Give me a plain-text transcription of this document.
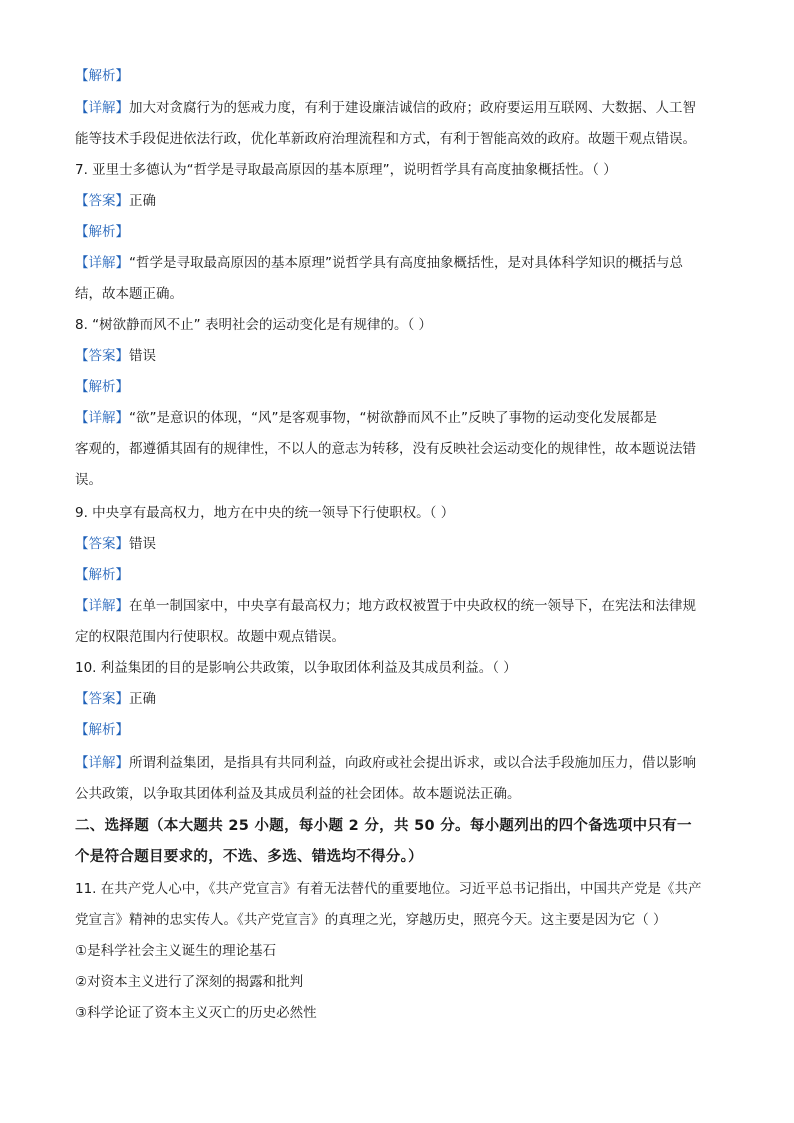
【解析】
【详解】加大对贪腐行为的惩戒力度，有利于建设廉洁诚信的政府；政府要运用互联网、大数据、人工智
能等技术手段促进依法行政，优化革新政府治理流程和方式，有利于智能高效的政府。故题干观点错误。
7. 亚里士多德认为“哲学是寻取最高原因的基本原理”，说明哲学具有高度抽象概括性。（ ）
【答案】正确
【解析】
【详解】“哲学是寻取最高原因的基本原理”说哲学具有高度抽象概括性，是对具体科学知识的概括与总
结，故本题正确。
8. “树欲静而风不止” 表明社会的运动变化是有规律的。（ ）
【答案】错误
【解析】
【详解】“欲”是意识的体现，“风”是客观事物，“树欲静而风不止”反映了事物的运动变化发展都是
客观的，都遵循其固有的规律性，不以人的意志为转移，没有反映社会运动变化的规律性，故本题说法错
误。
9. 中央享有最高权力，地方在中央的统一领导下行使职权。（ ）
【答案】错误
【解析】
【详解】在单一制国家中，中央享有最高权力；地方政权被置于中央政权的统一领导下，在宪法和法律规
定的权限范围内行使职权。故题中观点错误。
10. 利益集团的目的是影响公共政策，以争取团体利益及其成员利益。（ ）
【答案】正确
【解析】
【详解】所谓利益集团，是指具有共同利益，向政府或社会提出诉求，或以合法手段施加压力，借以影响
公共政策，以争取其团体利益及其成员利益的社会团体。故本题说法正确。
二、选择题（本大题共 25 小题，每小题 2 分，共 50 分。每小题列出的四个备选项中只有一
个是符合题目要求的，不选、多选、错选均不得分。）
11. 在共产党人心中，《共产党宣言》有着无法替代的重要地位。习近平总书记指出，中国共产党是《共产
党宣言》精神的忠实传人。《共产党宣言》的真理之光，穿越历史，照亮今天。这主要是因为它（ ）
①是科学社会主义诞生的理论基石
②对资本主义进行了深刻的揭露和批判
③科学论证了资本主义灭亡的历史必然性
